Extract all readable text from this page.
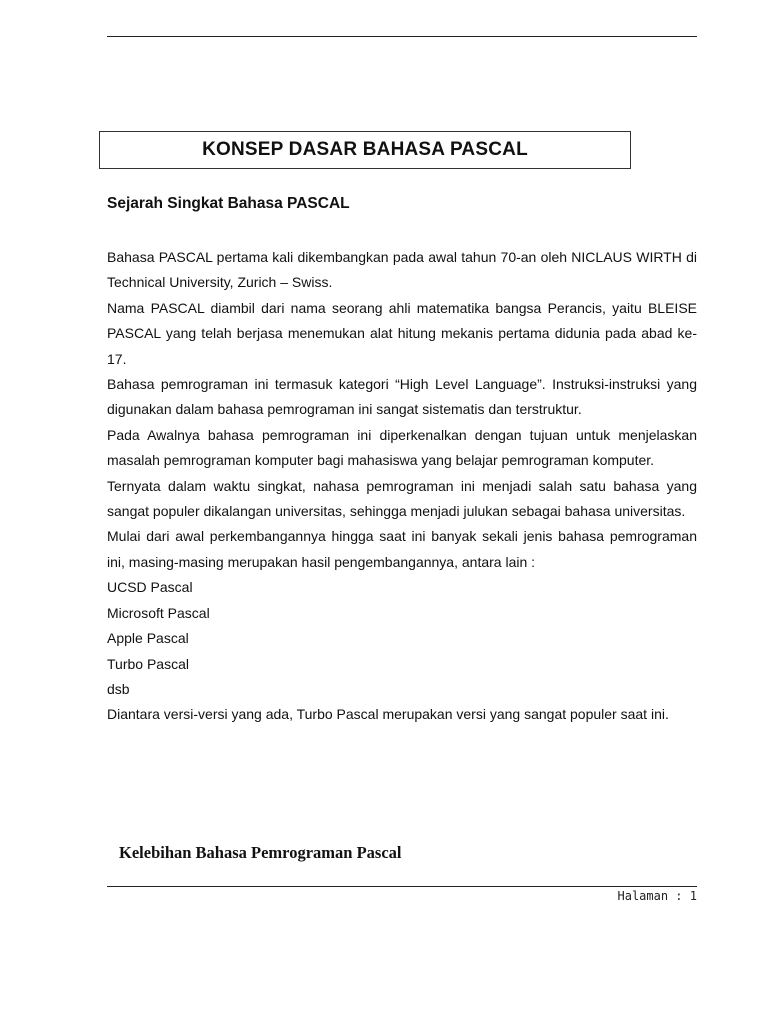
KONSEP DASAR BAHASA PASCAL
Sejarah Singkat Bahasa PASCAL

Bahasa PASCAL pertama kali dikembangkan pada awal tahun 70-an oleh NICLAUS WIRTH di Technical University, Zurich – Swiss.

Nama PASCAL diambil dari nama seorang ahli matematika bangsa Perancis, yaitu BLEISE PASCAL yang telah berjasa menemukan alat hitung mekanis pertama didunia pada abad ke-17.

Bahasa pemrograman ini termasuk kategori “High Level Language”. Instruksi-instruksi yang digunakan dalam bahasa pemrograman ini sangat sistematis dan terstruktur.

Pada Awalnya bahasa pemrograman ini diperkenalkan dengan tujuan untuk menjelaskan masalah pemrograman komputer bagi mahasiswa yang belajar pemrograman komputer.

Ternyata dalam waktu singkat, nahasa pemrograman ini menjadi salah satu bahasa yang sangat populer dikalangan universitas, sehingga menjadi julukan sebagai bahasa universitas.

Mulai dari awal perkembangannya hingga saat ini banyak sekali jenis bahasa pemrograman ini, masing-masing merupakan hasil pengembangannya, antara lain :

UCSD Pascal

Microsoft Pascal

Apple Pascal

Turbo Pascal

dsb

Diantara versi-versi yang ada, Turbo Pascal merupakan versi yang sangat populer saat ini.

Kelebihan Bahasa Pemrograman Pascal
Halaman : 1
